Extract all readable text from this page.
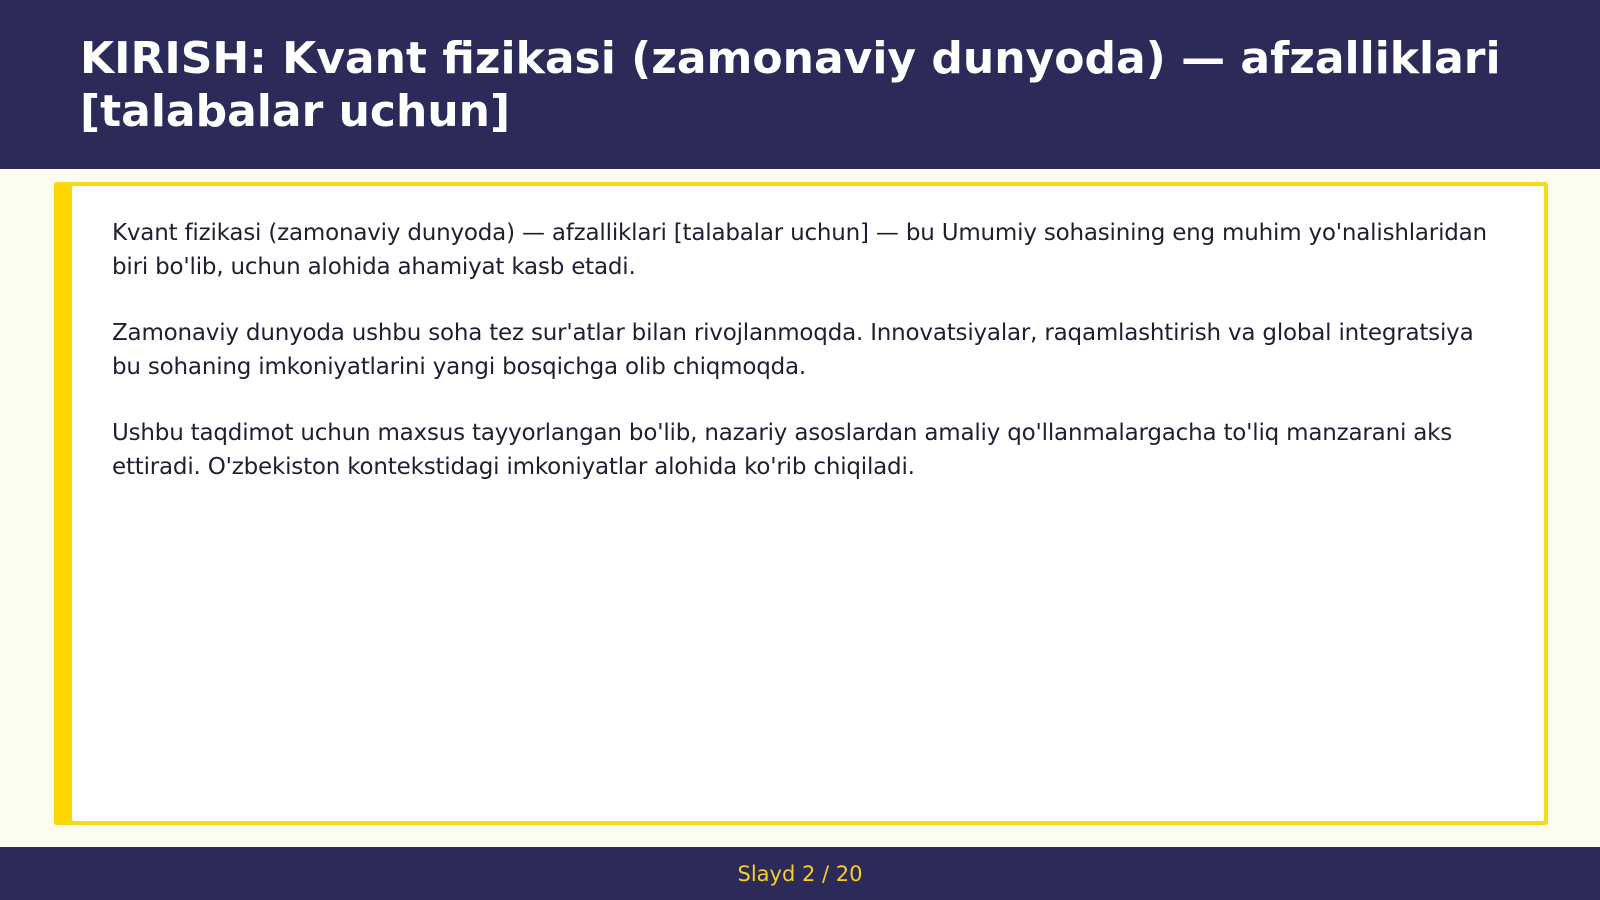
KIRISH: Kvant fizikasi (zamonaviy dunyoda) — afzalliklari [talabalar uchun]

Kvant fizikasi (zamonaviy dunyoda) — afzalliklari [talabalar uchun] — bu Umumiy sohasining eng muhim yo'nalishlaridan biri bo'lib, uchun alohida ahamiyat kasb etadi.

Zamonaviy dunyoda ushbu soha tez sur'atlar bilan rivojlanmoqda. Innovatsiyalar, raqamlashtirish va global integratsiya bu sohaning imkoniyatlarini yangi bosqichga olib chiqmoqda.

Ushbu taqdimot uchun maxsus tayyorlangan bo'lib, nazariy asoslardan amaliy qo'llanmalargacha to'liq manzarani aks ettiradi. O'zbekiston kontekstidagi imkoniyatlar alohida ko'rib chiqiladi.

Slayd 2 / 20
